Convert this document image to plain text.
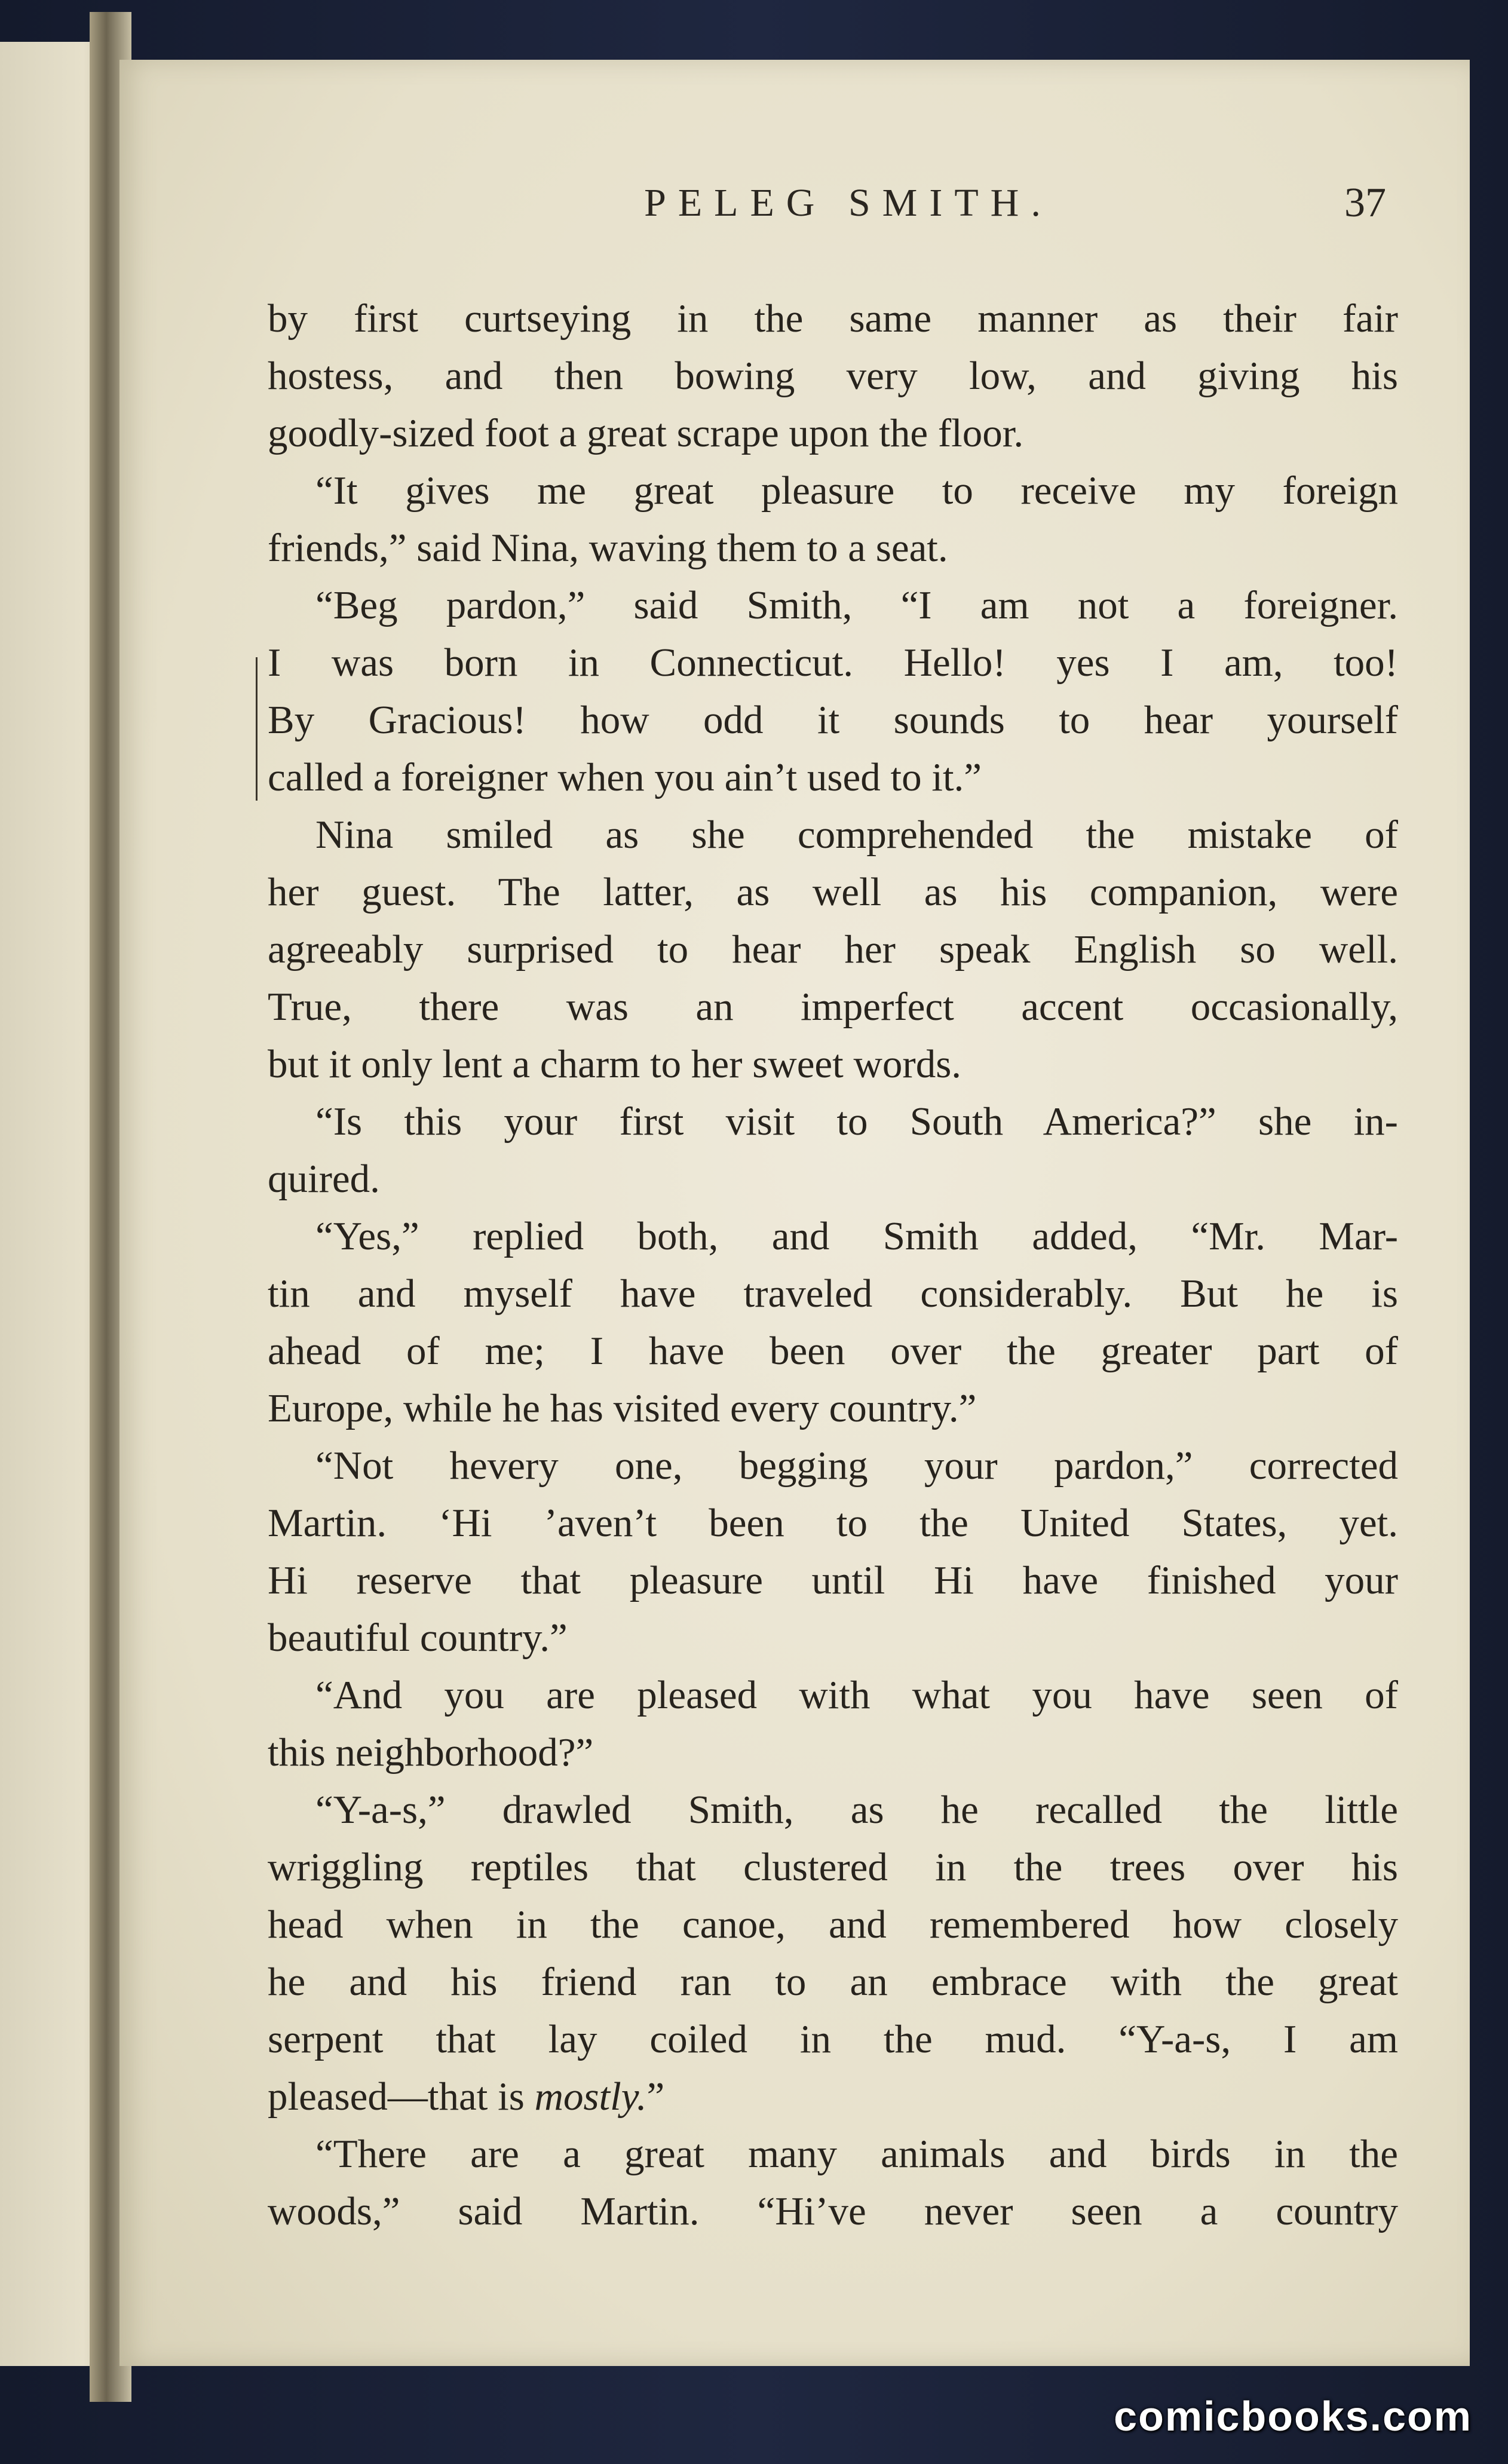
PELEG SMITH.	37
by first curtseying in the same manner as their fair
hostess, and then bowing very low, and giving his
goodly-sized foot a great scrape upon the floor.
“It gives me great pleasure to receive my foreign
friends,” said Nina, waving them to a seat.
“Beg pardon,” said Smith, “I am not a foreigner.
I was born in Connecticut. Hello! yes I am, too!
By Gracious! how odd it sounds to hear yourself
called a foreigner when you ain’t used to it.”
Nina smiled as she comprehended the mistake of
her guest. The latter, as well as his companion, were
agreeably surprised to hear her speak English so well.
True, there was an imperfect accent occasionally,
but it only lent a charm to her sweet words.
“Is this your first visit to South America?” she in-
quired.
“Yes,” replied both, and Smith added, “Mr. Mar-
tin and myself have traveled considerably. But he is
ahead of me; I have been over the greater part of
Europe, while he has visited every country.”
“Not hevery one, begging your pardon,” corrected
Martin. ‘Hi ’aven’t been to the United States, yet.
Hi reserve that pleasure until Hi have finished your
beautiful country.”
“And you are pleased with what you have seen of
this neighborhood?”
“Y-a-s,” drawled Smith, as he recalled the little
wriggling reptiles that clustered in the trees over his
head when in the canoe, and remembered how closely
he and his friend ran to an embrace with the great
serpent that lay coiled in the mud. “Y-a-s, I am
pleased—that is mostly.”
“There are a great many animals and birds in the
woods,” said Martin. “Hi’ve never seen a country
comicbooks.com
